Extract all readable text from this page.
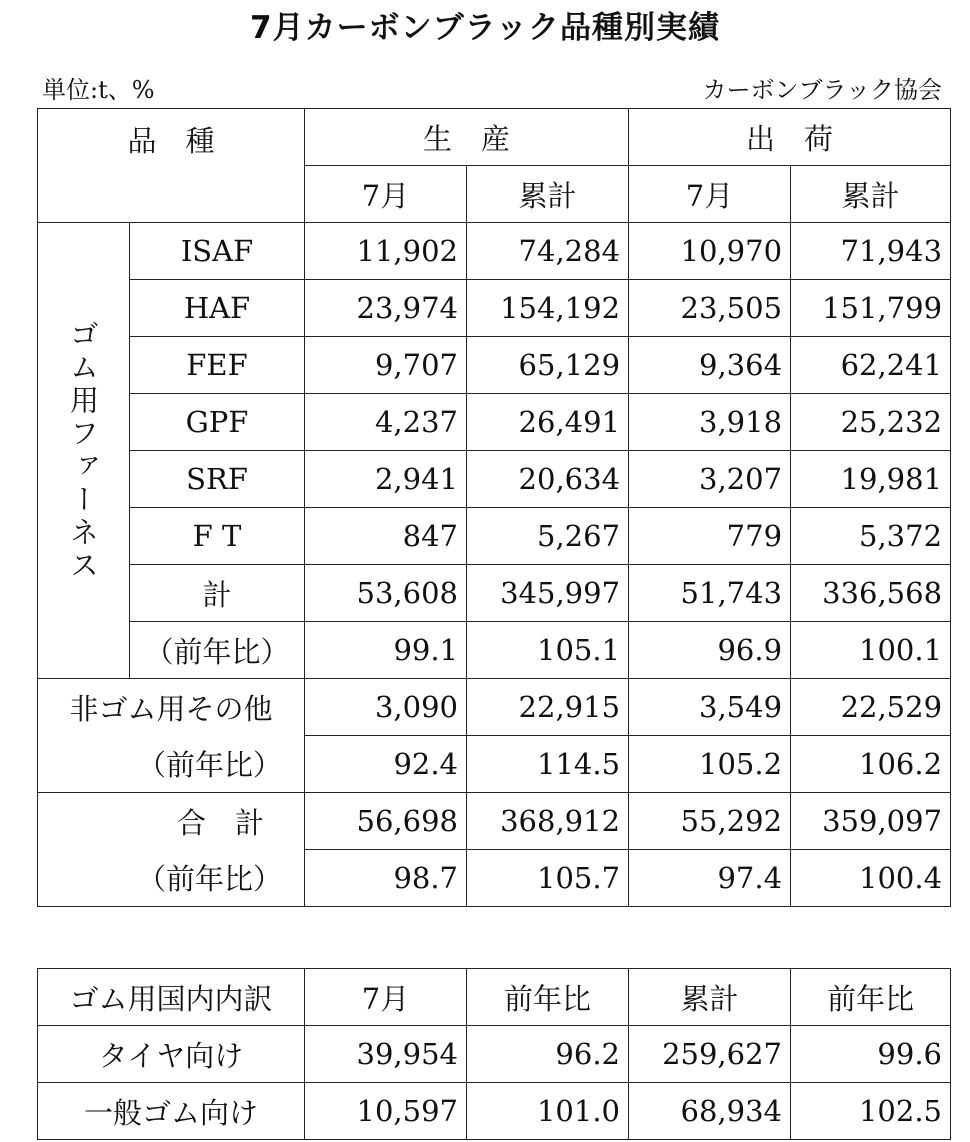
7月カーボンブラック品種別実績
単位:t、%	カーボンブラック協会
品　種		生　産		出　荷	
		7月	累計	7月	累計
ゴム用ファーネス	ISAF	11,902	74,284	10,970	71,943
	HAF	23,974	154,192	23,505	151,799
	FEF	9,707	65,129	9,364	62,241
	GPF	4,237	26,491	3,918	25,232
	SRF	2,941	20,634	3,207	19,981
	F T	847	5,267	779	5,372
	計	53,608	345,997	51,743	336,568
	（前年比）	99.1	105.1	96.9	100.1
非ゴム用その他		3,090	22,915	3,549	22,529
（前年比）		92.4	114.5	105.2	106.2
合　計		56,698	368,912	55,292	359,097
（前年比）		98.7	105.7	97.4	100.4
ゴム用国内内訳	7月	前年比	累計	前年比
タイヤ向け	39,954	96.2	259,627	99.6
一般ゴム向け	10,597	101.0	68,934	102.5
